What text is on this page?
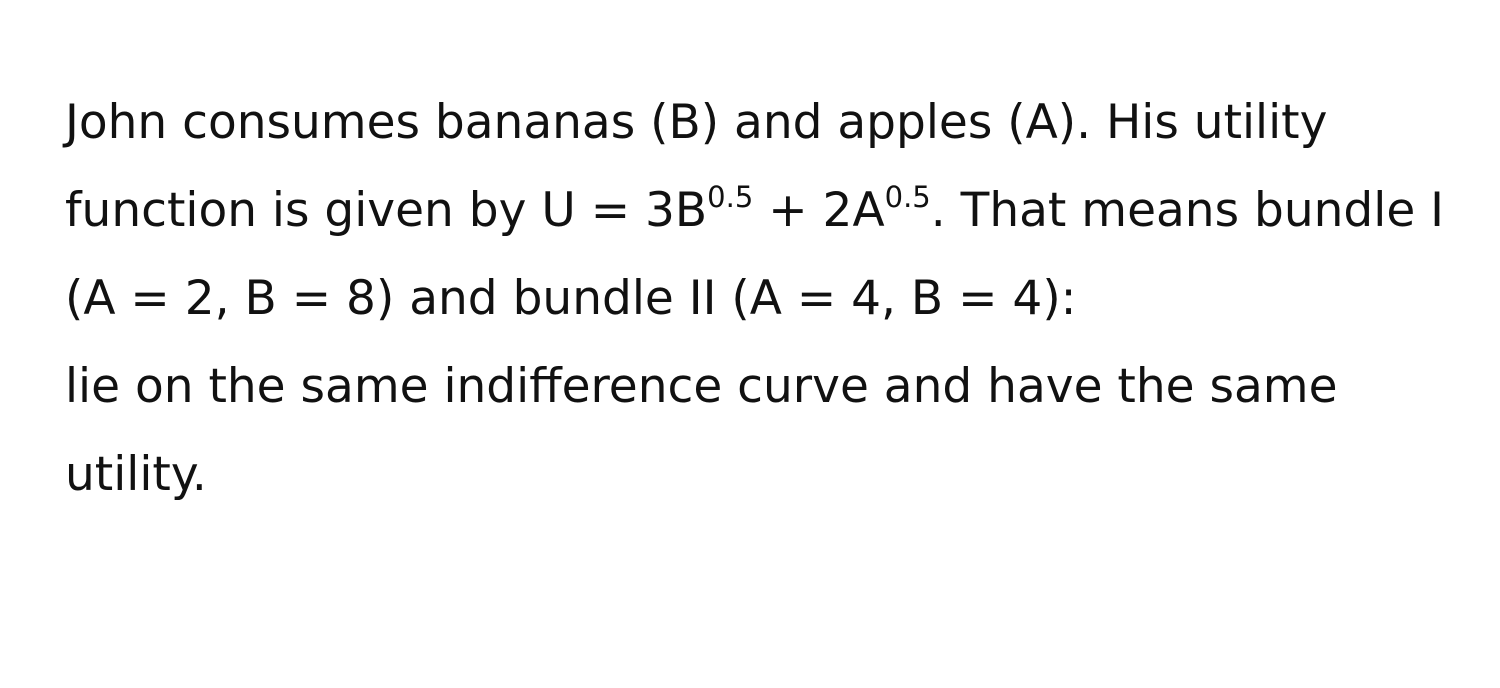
John consumes bananas (B) and apples (A). His utility function is given by $U = 3B^{0.5} + 2A^{0.5}$. That means bundle I (A = 2, B = 8) and bundle II (A = 4, B = 4):

lie on the same indifference curve and have the same utility.
